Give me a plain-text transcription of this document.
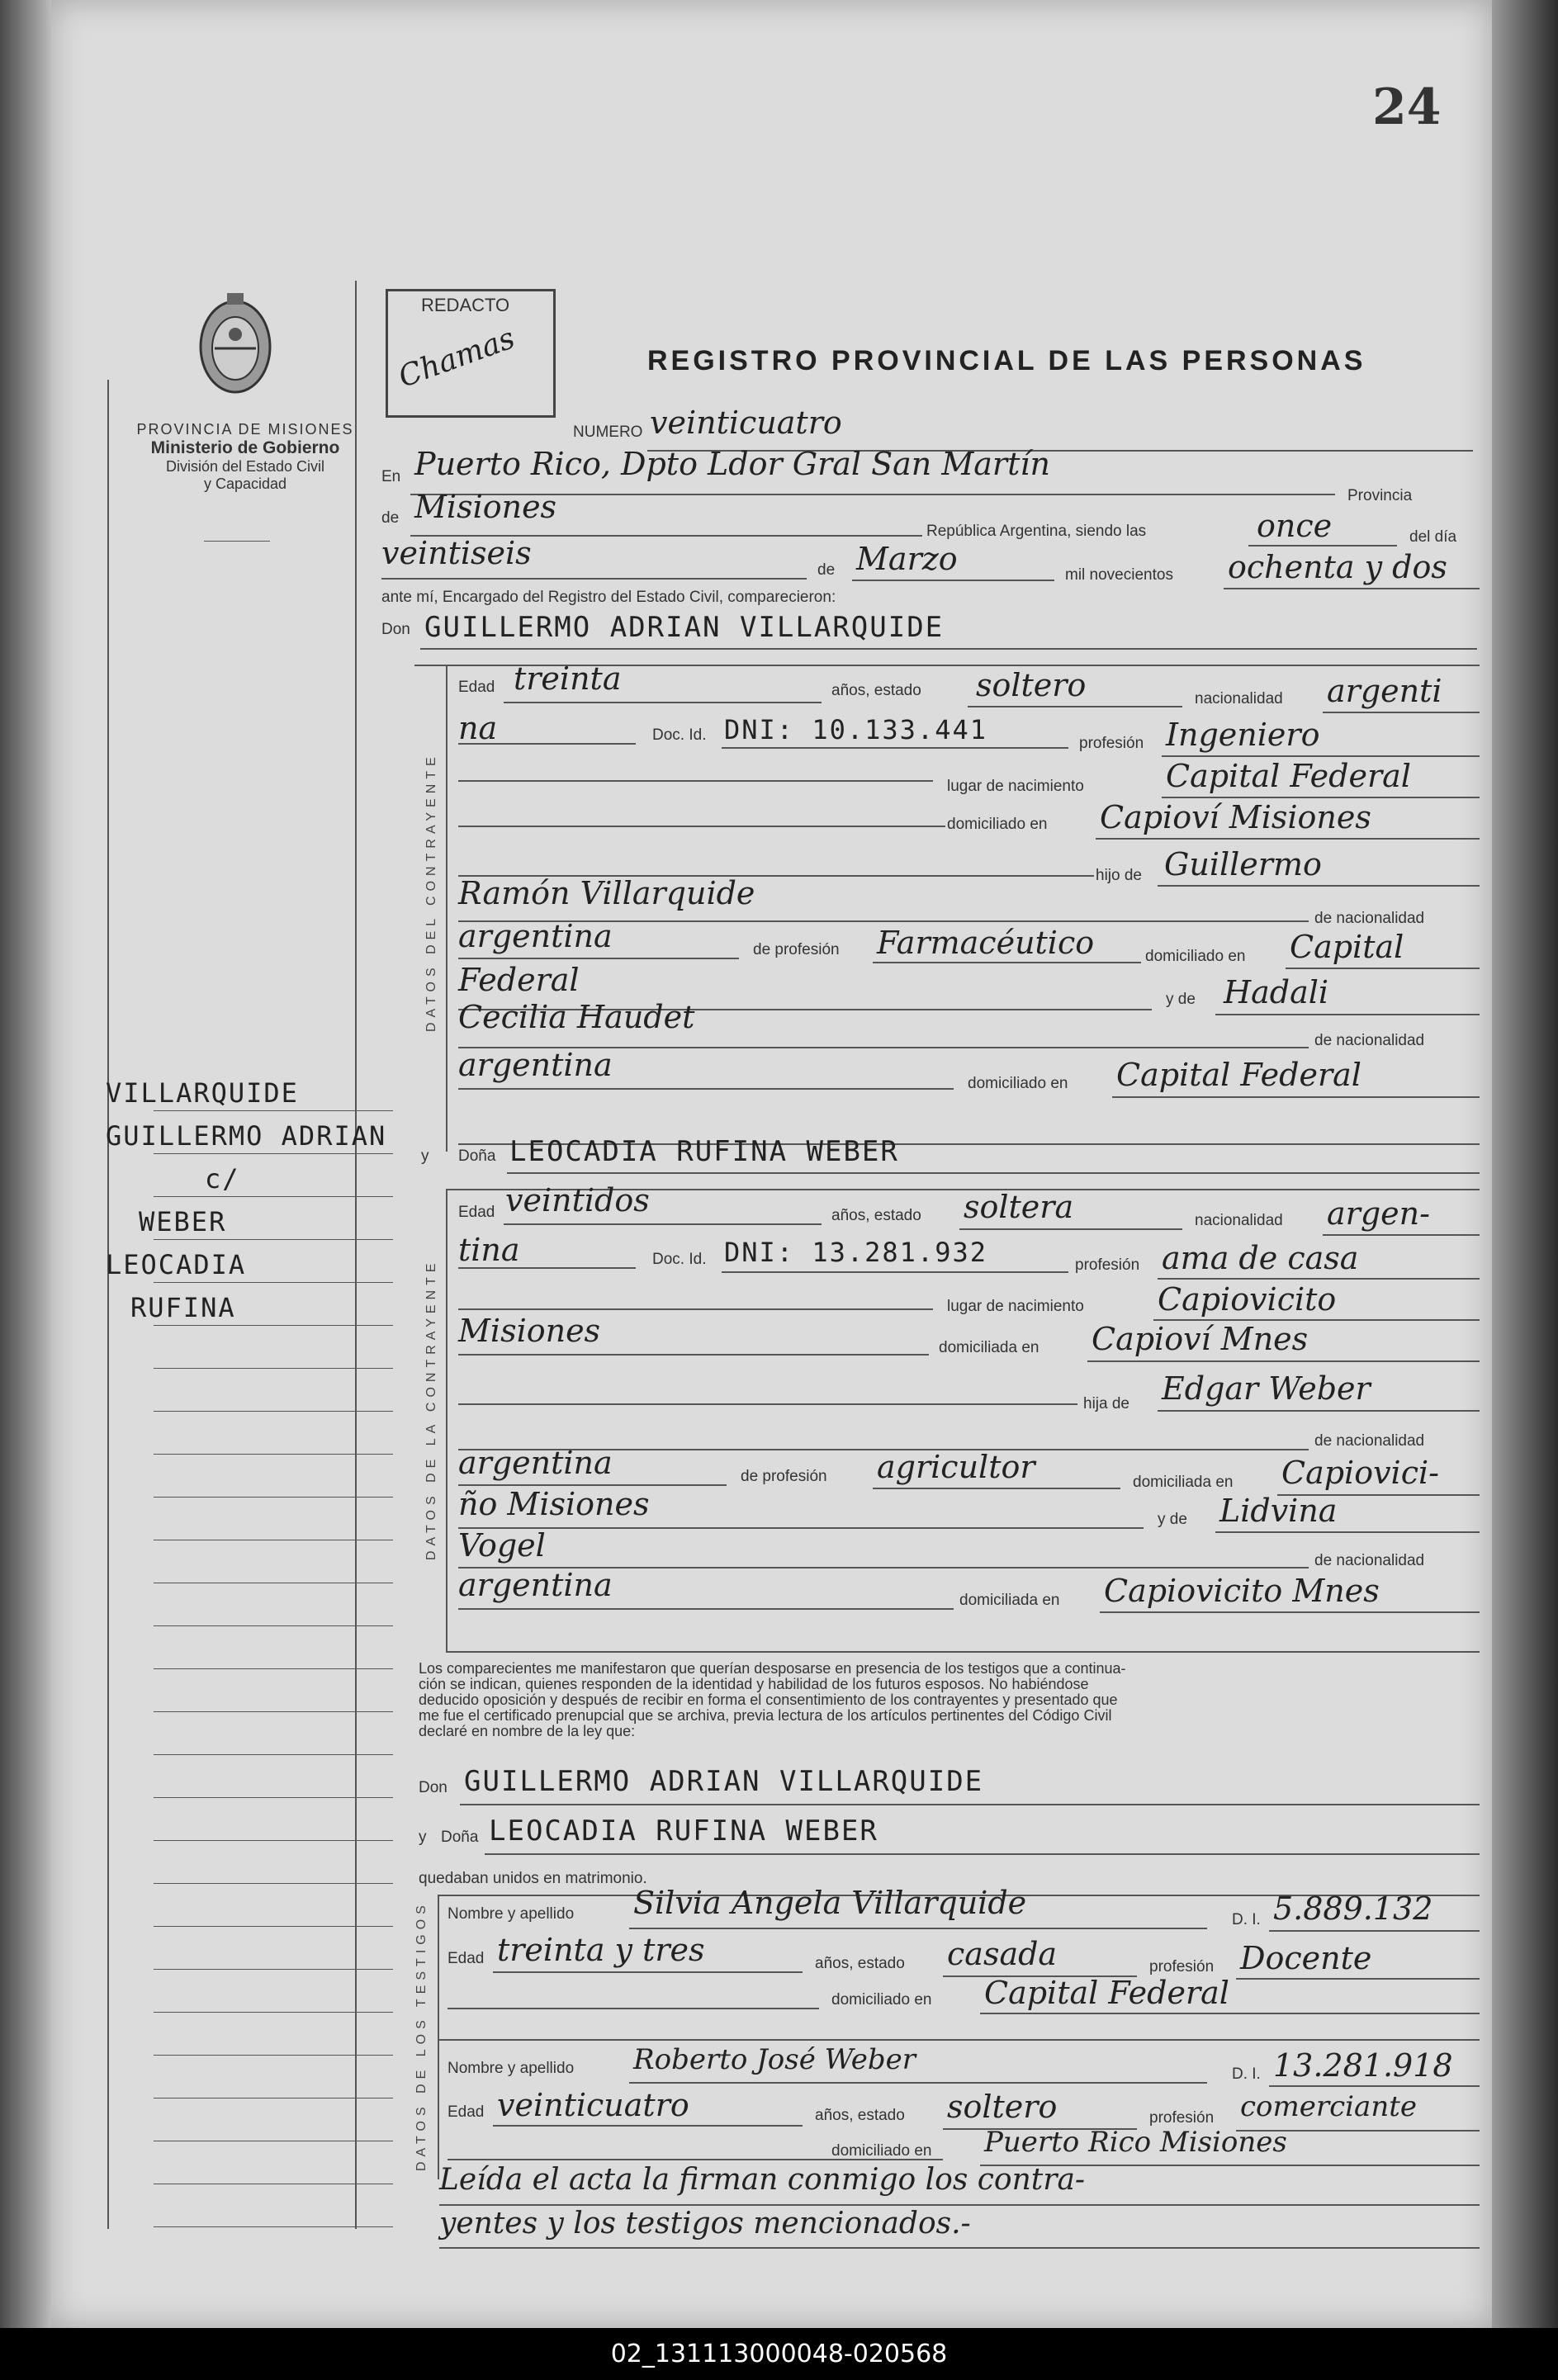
24
PROVINCIA DE MISIONES
Ministerio de Gobierno
División del Estado Civil
y Capacidad
REDACTO
Chamas	REGISTRO PROVINCIAL DE LAS PERSONAS
VILLARQUIDE
GUILLERMO ADRIAN
c/
WEBER
LEOCADIA
RUFINA
NUMERO veinticuatro
En Puerto Rico, Dpto Ldor Gral San Martín
Provincia
de Misiones
República Argentina, siendo las	once	del día
veintiseis	de Marzo	mil novecientos ochenta y dos
ante mí, Encargado del Registro del Estado Civil, comparecieron:
Don GUILLERMO ADRIAN VILLARQUIDE
DATOS DEL CONTRAYENTE
Edad treinta	años, estado soltero	nacionalidad argenti
na	Doc. Id. DNI: 10.133.441	profesión Ingeniero
lugar de nacimiento	Capital Federal
domiciliado en Capioví Misiones
hijo de Guillermo
Ramón Villarquide
de nacionalidad
argentina	de profesión Farmacéutico	domiciliado en Capital
Federal
y de Hadali
Cecilia Haudet
de nacionalidad
argentina
domiciliado en Capital Federal
y Doña LEOCADIA RUFINA WEBER
DATOS DE LA CONTRAYENTE
Edad veintidos	años, estado soltera	nacionalidad argen-
tina	Doc. Id. DNI: 13.281.932	profesión ama de casa
lugar de nacimiento Capiovicito
Misiones	domiciliada en Capioví Mnes
hija de Edgar Weber
de nacionalidad
argentina	de profesión agricultor	domiciliada en Capiovici-
ño Misiones	y de Lidvina
Vogel	de nacionalidad
argentina	domiciliada en Capiovicito Mnes
Los comparecientes me manifestaron que querían desposarse en presencia de los testigos que a continua-
ción se indican, quienes responden de la identidad y habilidad de los futuros esposos. No habiéndose
deducido oposición y después de recibir en forma el consentimiento de los contrayentes y presentado que
me fue el certificado prenupcial que se archiva, previa lectura de los artículos pertinentes del Código Civil
declaré en nombre de la ley que:
Don GUILLERMO ADRIAN VILLARQUIDE
y Doña LEOCADIA RUFINA WEBER
quedaban unidos en matrimonio.
DATOS DE LOS TESTIGOS Nombre y apellido Silvia Angela Villarquide	D. I. 5.889.132
Edad treinta y tres	años, estado casada	profesión Docente
domiciliado en Capital Federal
Nombre y apellido Roberto José Weber	D. I. 13.281.918
Edad veinticuatro	años, estado soltero	profesión comerciante
domiciliado en Puerto Rico Misiones
Leída el acta la firman conmigo los contra-
yentes y los testigos mencionados.-
02_131113000048-020568
